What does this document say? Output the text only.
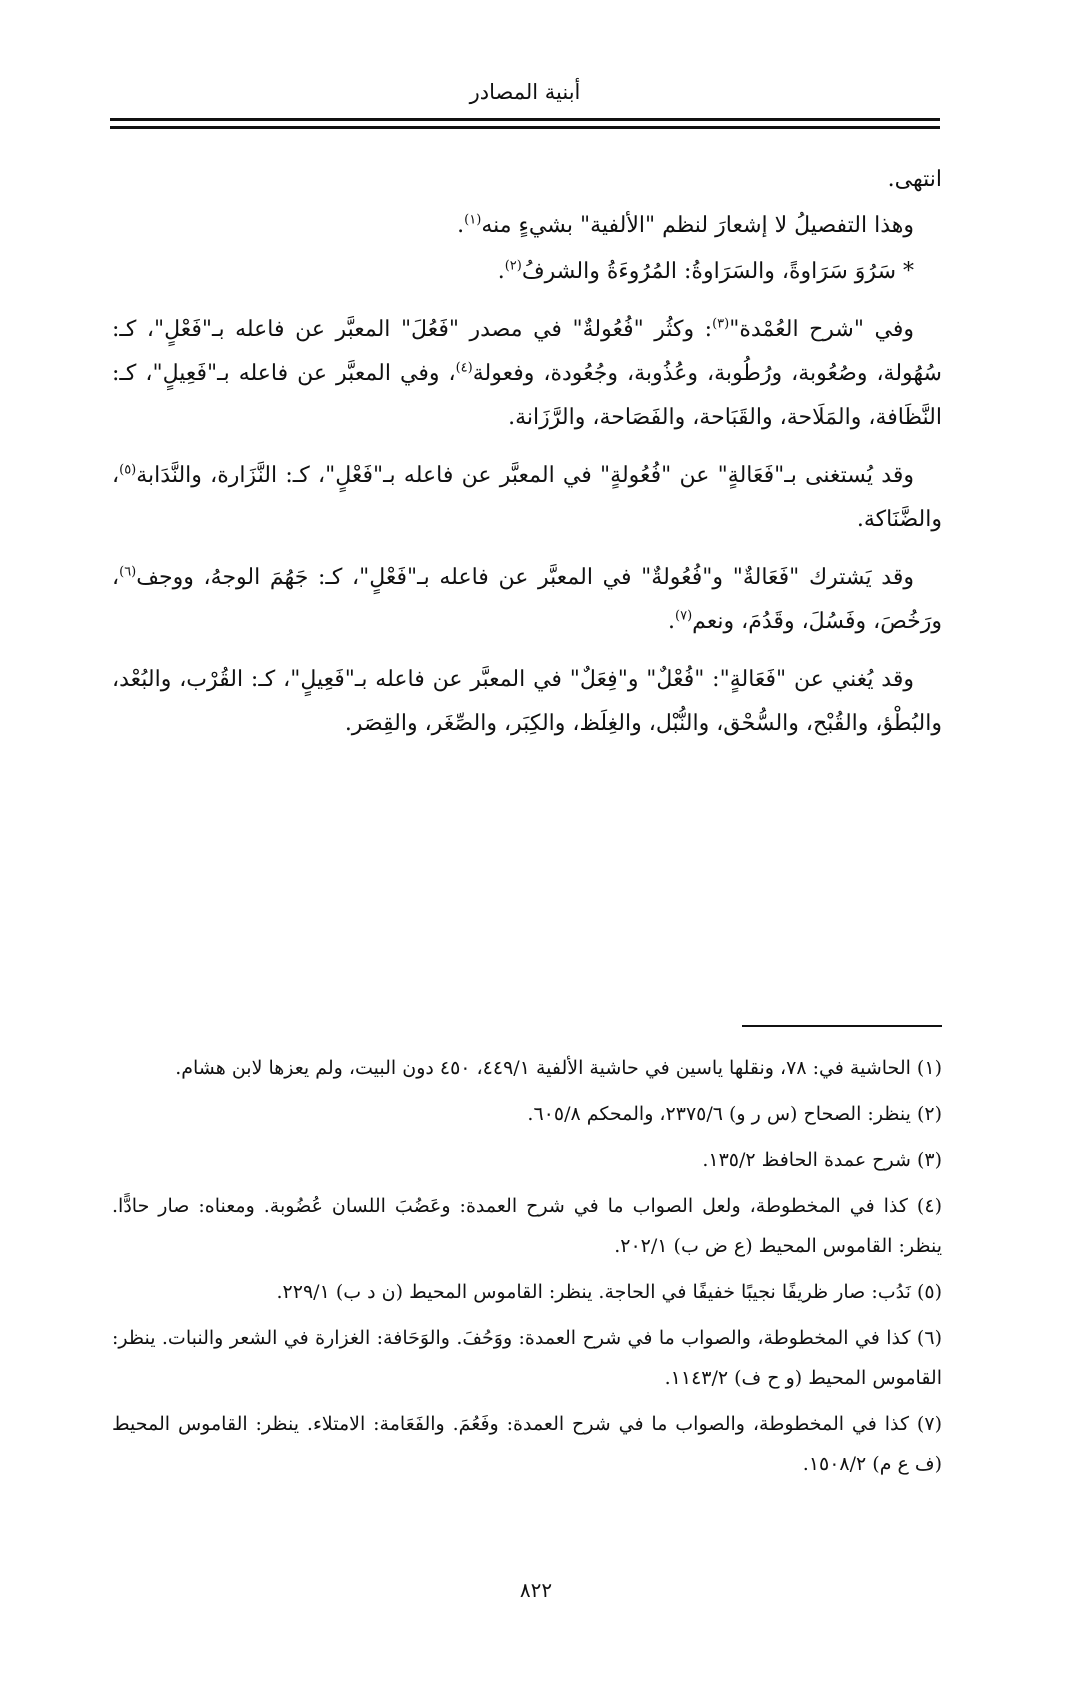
أبنية المصادر

انتهى.

وهذا التفصيلُ لا إشعارَ لنظم "الألفية" بشيءٍ منه$^{(١)}$.

* سَرُوَ سَرَاوةً، والسَرَاوةُ: المُرُوءَةُ والشرفُ$^{(٢)}$.

وفي "شرح العُمْدة"$^{(٣)}$: وكثُر "فُعُولةٌ" في مصدر "فَعُلَ" المعبَّر عن فاعله بـ"فَعْلٍ"، كـ: سُهُولة، وصُعُوبة، ورُطُوبة، وعُذُوبة، وجُعُودة، وفعولة$^{(٤)}$، وفي المعبَّر عن فاعله بـ"فَعِيلٍ"، كـ: النَّظَافة، والمَلَاحة، والقَبَاحة، والفَصَاحة، والرَّزَانة.

وقد يُستغنى بـ"فَعَالةٍ" عن "فُعُولةٍ" في المعبَّر عن فاعله بـ"فَعْلٍ"، كـ: النَّزَارة، والنَّدَابة$^{(٥)}$، والضَّنَاكة.

وقد يَشترك "فَعَالةٌ" و"فُعُولةٌ" في المعبَّر عن فاعله بـ"فَعْلٍ"، كـ: جَهُمَ الوجهُ، ووجف$^{(٦)}$، ورَخُصَ، وفَسُلَ، وقَدُمَ، ونعم$^{(٧)}$.

وقد يُغني عن "فَعَالةٍ": "فُعْلٌ" و"فِعَلٌ" في المعبَّر عن فاعله بـ"فَعِيلٍ"، كـ: القُرْب، والبُعْد، والبُطْؤ، والقُبْح، والسُّحْق، والنُّبْل، والغِلَظ، والكِبَر، والصِّغَر، والقِصَر.

(١) الحاشية في: ٧٨، ونقلها ياسين في حاشية الألفية ٤٤٩/١، ٤٥٠ دون البيت، ولم يعزها لابن هشام.

(٢) ينظر: الصحاح (س ر و) ٢٣٧٥/٦، والمحكم ٦٠٥/٨.

(٣) شرح عمدة الحافظ ١٣٥/٢.

(٤) كذا في المخطوطة، ولعل الصواب ما في شرح العمدة: وعَضُبَ اللسان عُضُوبة. ومعناه: صار حادًّا. ينظر: القاموس المحيط (ع ض ب) ٢٠٢/١.

(٥) نَدُب: صار ظريفًا نجيبًا خفيفًا في الحاجة. ينظر: القاموس المحيط (ن د ب) ٢٢٩/١.

(٦) كذا في المخطوطة، والصواب ما في شرح العمدة: ووَحُفَ. والوَحَافة: الغزارة في الشعر والنبات. ينظر: القاموس المحيط (و ح ف) ١١٤٣/٢.

(٧) كذا في المخطوطة، والصواب ما في شرح العمدة: وفَعُمَ. والفَعَامة: الامتلاء. ينظر: القاموس المحيط (ف ع م) ١٥٠٨/٢.

٨٢٢
